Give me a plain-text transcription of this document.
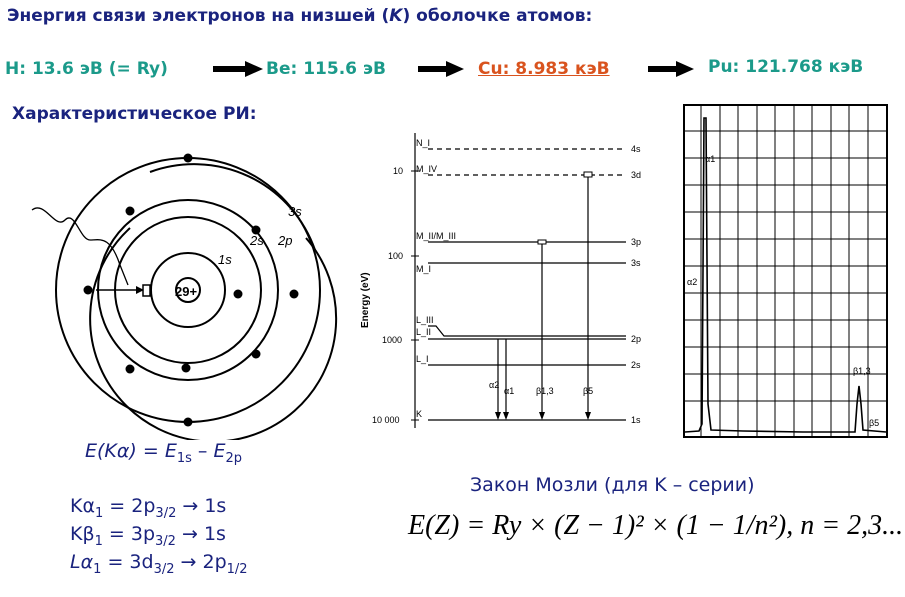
Энергия связи электронов на низшей (K) оболочке атомов:
H: 13.6 эВ (= Ry)	Be: 115.6 эВ	Cu: 8.983 кэВ	Pu: 121.768 кэВ
Характеристическое РИ:
29+
1s
2s 2p
3s
10
100
1000
10 000
Energy (eV)
N_I
M_IV
M_II/M_III
M_I
L_III
L_II
L_I
K
4s
3d
3p
3s
2p
2s
1s
α2
α1 β1,3	β5
α1
α2
β1,3
β5
$E(K\alpha) = E_{1s} - E_{2p}$
$K\alpha_1 = 2p_{3/2} \to 1s$
$K\beta_1 = 3p_{3/2} \to 1s$
$L\alpha_1 = 3d_{3/2} \to 2p_{1/2}$
Закон Мозли (для K – серии)
E(Z) = Ry × (Z − 1)² × (1 − 1/n²), n = 2,3...
